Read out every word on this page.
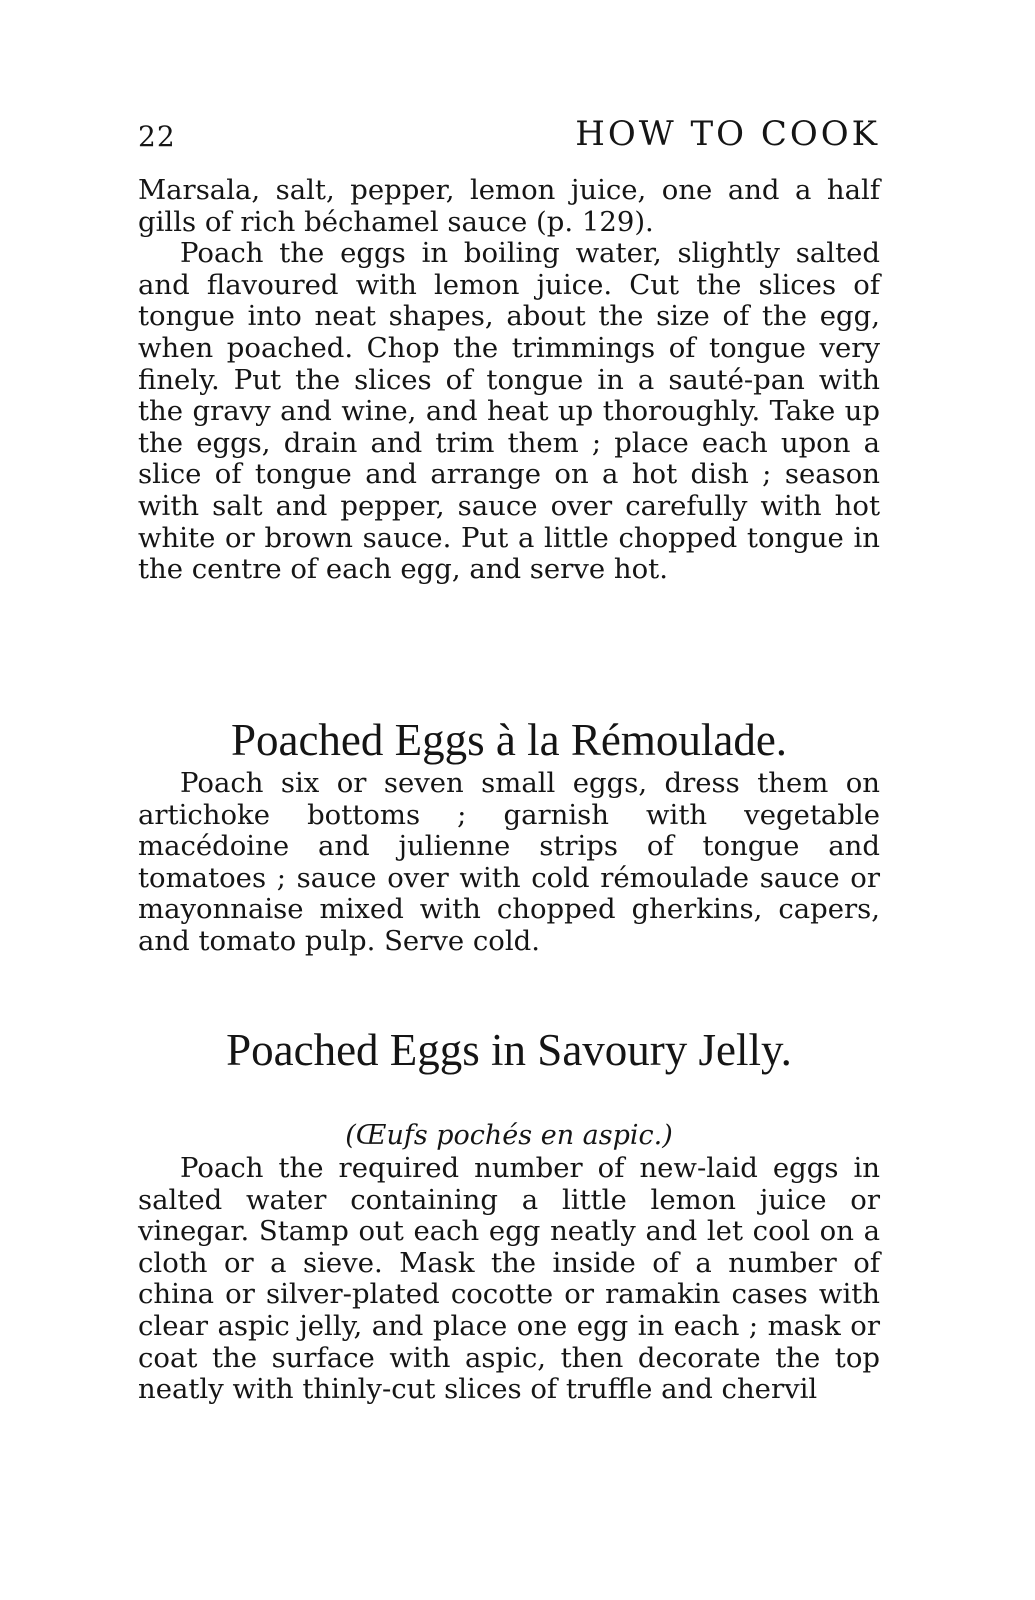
22	HOW TO COOK

Marsala, salt, pepper, lemon juice, one and a half gills of rich béchamel sauce (p. 129).

Poach the eggs in boiling water, slightly salted and flavoured with lemon juice. Cut the slices of tongue into neat shapes, about the size of the egg, when poached. Chop the trimmings of tongue very finely. Put the slices of tongue in a sauté-pan with the gravy and wine, and heat up thoroughly. Take up the eggs, drain and trim them ; place each upon a slice of tongue and arrange on a hot dish ; season with salt and pepper, sauce over carefully with hot white or brown sauce. Put a little chopped tongue in the centre of each egg, and serve hot.

Poached Eggs à la Rémoulade.

Poach six or seven small eggs, dress them on artichoke bottoms ; garnish with vegetable macédoine and julienne strips of tongue and tomatoes ; sauce over with cold rémoulade sauce or mayonnaise mixed with chopped gherkins, capers, and tomato pulp. Serve cold.

Poached Eggs in Savoury Jelly.
(Œufs pochés en aspic.)

Poach the required number of new-laid eggs in salted water containing a little lemon juice or vinegar. Stamp out each egg neatly and let cool on a cloth or a sieve. Mask the inside of a number of china or silver-plated cocotte or ramakin cases with clear aspic jelly, and place one egg in each ; mask or coat the surface with aspic, then decorate the top neatly with thinly-cut slices of truffle and chervil
